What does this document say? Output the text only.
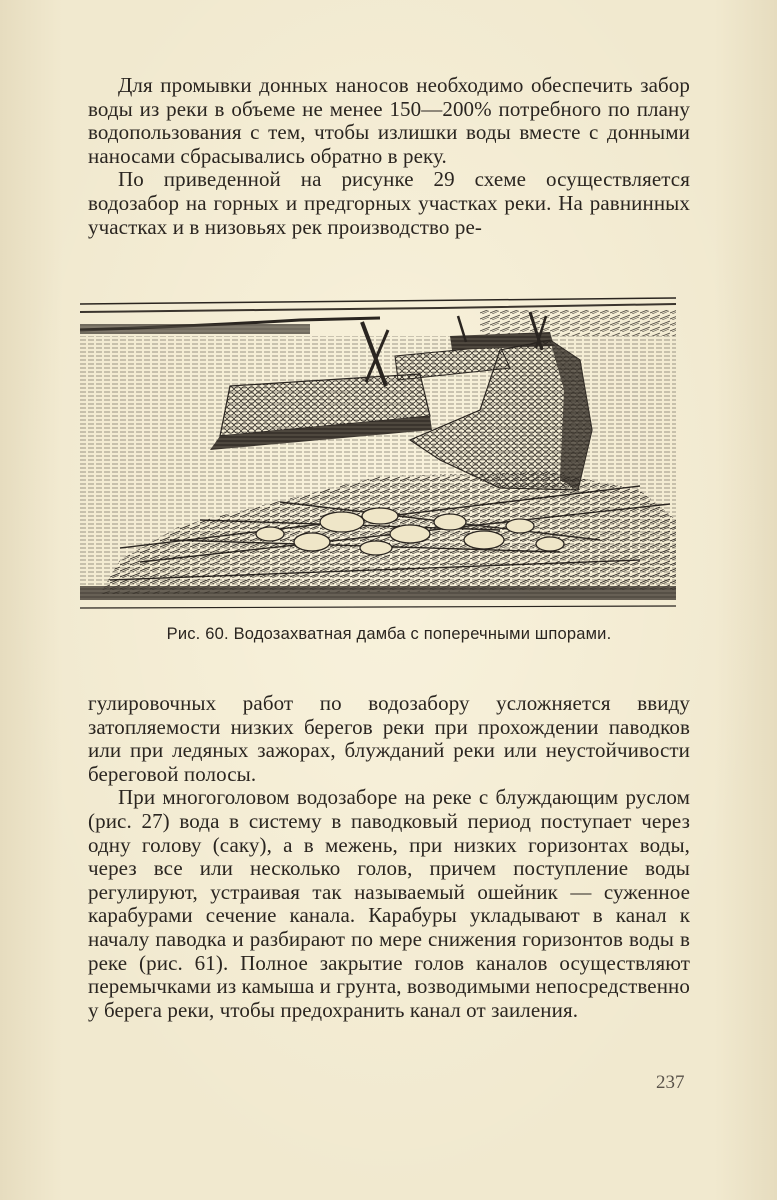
Для промывки донных наносов необходимо обеспечить забор воды из реки в объеме не менее 150—200% потребного по плану водопользования с тем, чтобы излишки воды вместе с донными наносами сбрасывались обратно в реку.

По приведенной на рисунке 29 схеме осуществляется водозабор на горных и предгорных участках реки. На равнинных участках и в низовьях рек производство ре-

Рис. 60. Водозахватная дамба с поперечными шпорами.

гулировочных работ по водозабору усложняется ввиду затопляемости низких берегов реки при прохождении паводков или при ледяных зажорах, блужданий реки или неустойчивости береговой полосы.

При многоголовом водозаборе на реке с блуждающим руслом (рис. 27) вода в систему в паводковый период поступает через одну голову (саку), а в межень, при низких горизонтах воды, через все или несколько голов, причем поступление воды регулируют, устраивая так называемый ошейник — суженное карабурами сечение канала. Карабуры укладывают в канал к началу паводка и разбирают по мере снижения горизонтов воды в реке (рис. 61). Полное закрытие голов каналов осуществляют перемычками из камыша и грунта, возводимыми непосредственно у берега реки, чтобы предохранить канал от заиления.

237
